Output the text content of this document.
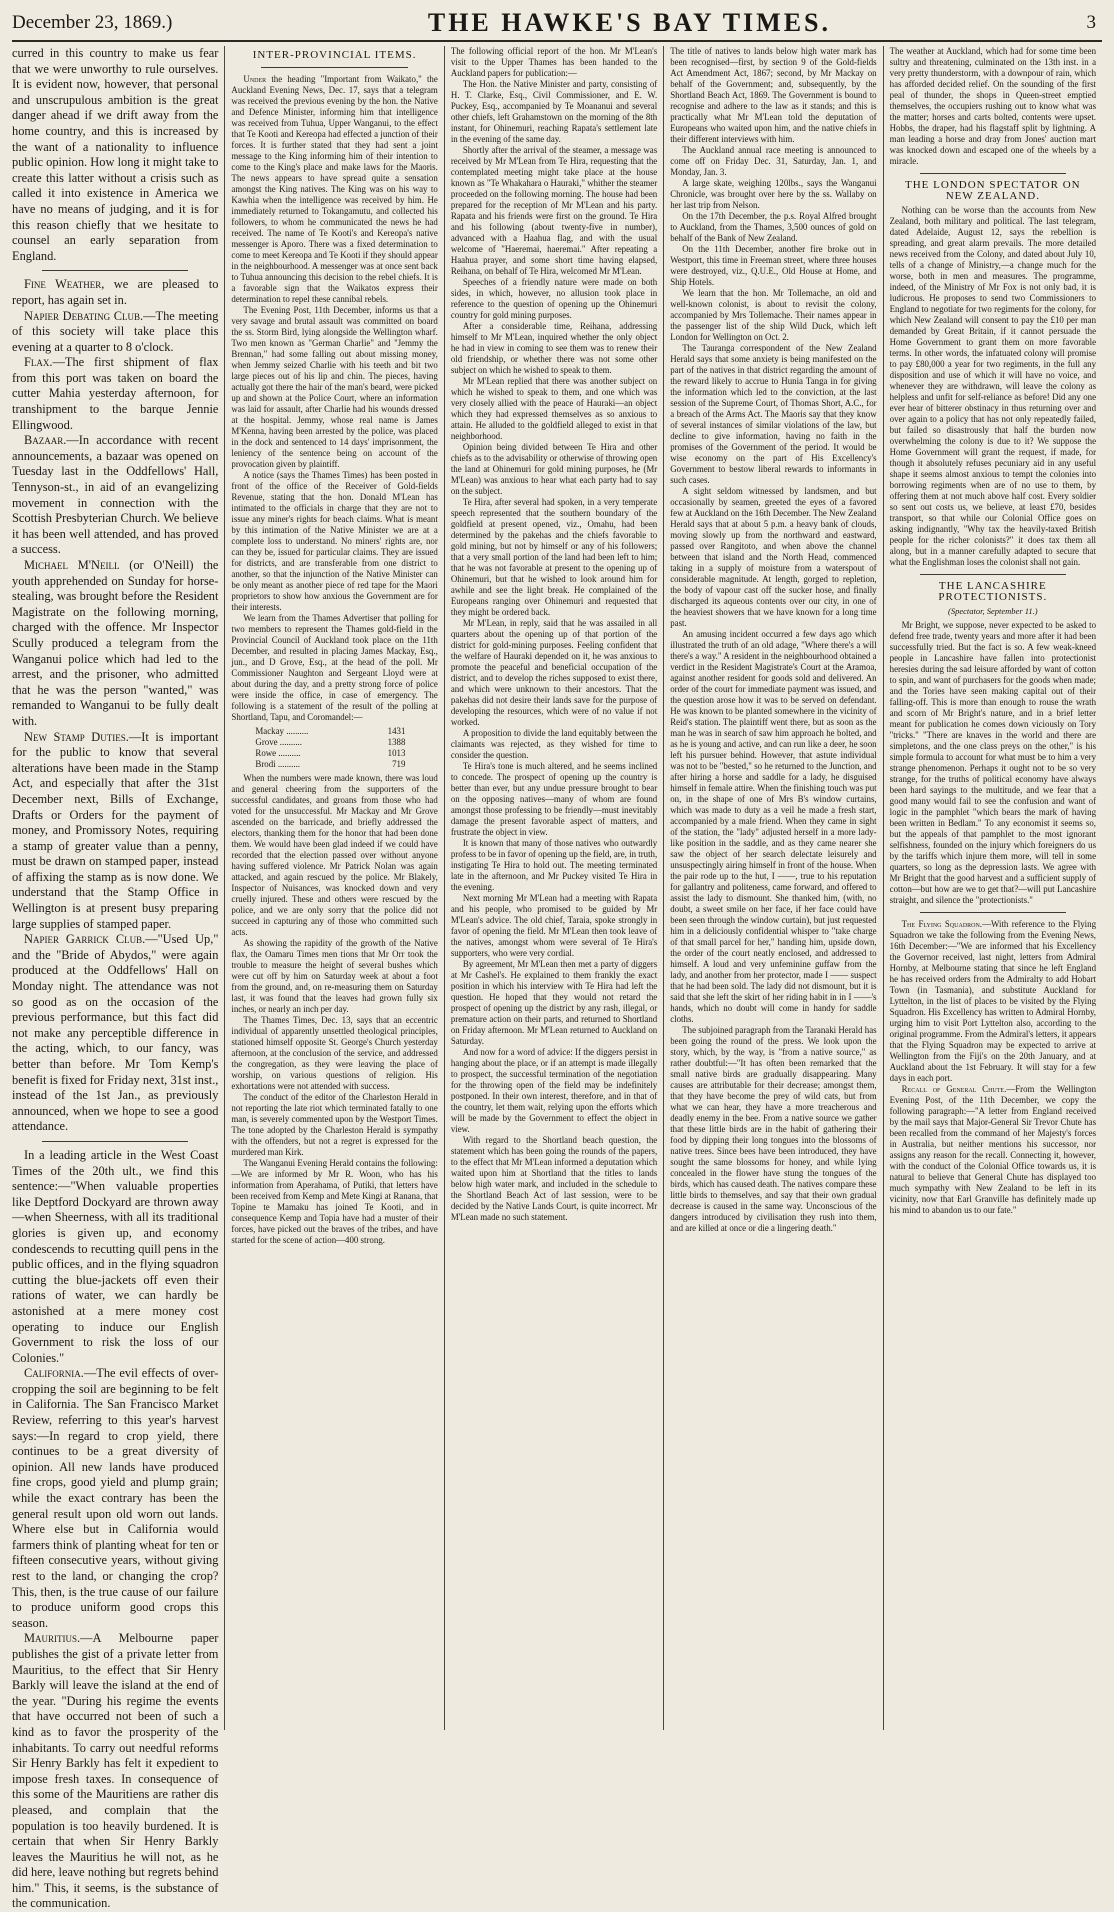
December 23, 1869.)	THE HAWKE'S BAY TIMES.	3

curred in this country to make us fear that we were unworthy to rule ourselves. It is evident now, however, that personal and unscrupulous ambition is the great danger ahead if we drift away from the home country, and this is increased by the want of a nationality to influence public opinion. How long it might take to create this latter without a crisis such as called it into existence in America we have no means of judging, and it is for this reason chiefly that we hesitate to counsel an early separation from England.

Fine Weather, we are pleased to report, has again set in.

Napier Debating Club.—The meeting of this society will take place this evening at a quarter to 8 o'clock.

Flax.—The first shipment of flax from this port was taken on board the cutter Mahia yesterday afternoon, for transhipment to the barque Jennie Ellingwood.

Bazaar.—In accordance with recent announcements, a bazaar was opened on Tuesday last in the Oddfellows' Hall, Tennyson-st., in aid of an evangelizing movement in connection with the Scottish Presbyterian Church. We believe it has been well attended, and has proved a success.

Michael M'Neill (or O'Neill) the youth apprehended on Sunday for horse-stealing, was brought before the Resident Magistrate on the following morning, charged with the offence. Mr Inspector Scully produced a telegram from the Wanganui police which had led to the arrest, and the prisoner, who admitted that he was the person "wanted," was remanded to Wanganui to be fully dealt with.

New Stamp Duties.—It is important for the public to know that several alterations have been made in the Stamp Act, and especially that after the 31st December next, Bills of Exchange, Drafts or Orders for the payment of money, and Promissory Notes, requiring a stamp of greater value than a penny, must be drawn on stamped paper, instead of affixing the stamp as is now done. We understand that the Stamp Office in Wellington is at present busy preparing large supplies of stamped paper.

Napier Garrick Club.—"Used Up," and the "Bride of Abydos," were again produced at the Oddfellows' Hall on Monday night. The attendance was not so good as on the occasion of the previous performance, but this fact did not make any perceptible difference in the acting, which, to our fancy, was better than before. Mr Tom Kemp's benefit is fixed for Friday next, 31st inst., instead of the 1st Jan., as previously announced, when we hope to see a good attendance.

In a leading article in the West Coast Times of the 20th ult., we find this sentence:—"When valuable properties like Deptford Dockyard are thrown away—when Sheerness, with all its traditional glories is given up, and economy condescends to recutting quill pens in the public offices, and in the flying squadron cutting the blue-jackets off even their rations of water, we can hardly be astonished at a mere money cost operating to induce our English Government to risk the loss of our Colonies."

California.—The evil effects of over-cropping the soil are beginning to be felt in California. The San Francisco Market Review, referring to this year's harvest says:—In regard to crop yield, there continues to be a great diversity of opinion. All new lands have produced fine crops, good yield and plump grain; while the exact contrary has been the general result upon old worn out lands. Where else but in California would farmers think of planting wheat for ten or fifteen consecutive years, without giving rest to the land, or changing the crop? This, then, is the true cause of our failure to produce uniform good crops this season.

Mauritius.—A Melbourne paper publishes the gist of a private letter from Mauritius, to the effect that Sir Henry Barkly will leave the island at the end of the year. "During his regime the events that have occurred not been of such a kind as to favor the prosperity of the inhabitants. To carry out needful reforms Sir Henry Barkly has felt it expedient to impose fresh taxes. In consequence of this some of the Mauritiens are rather dis pleased, and complain that the population is too heavily burdened. It is certain that when Sir Henry Barkly leaves the Mauritius he will not, as he did here, leave nothing but regrets behind him." This, it seems, is the substance of the communication.

INTER-PROVINCIAL ITEMS.

Under the heading "Important from Waikato," the Auckland Evening News, Dec. 17, says that a telegram was received the previous evening by the hon. the Native and Defence Minister, informing him that intelligence was received from Tuhua, Upper Wanganui, to the effect that Te Kooti and Kereopa had effected a junction of their forces. It is further stated that they had sent a joint message to the King informing him of their intention to come to the King's place and make laws for the Maoris. The news appears to have spread quite a sensation amongst the King natives. The King was on his way to Kawhia when the intelligence was received by him. He immediately returned to Tokangamutu, and collected his followers, to whom he communicated the news he had received. The name of Te Kooti's and Kereopa's native messenger is Aporo. There was a fixed determination to come to meet Kereopa and Te Kooti if they should appear in the neighbourhood. A messenger was at once sent back to Tuhua announcing this decision to the rebel chiefs. It is a favorable sign that the Waikatos express their determination to repel these cannibal rebels.

The Evening Post, 11th December, informs us that a very savage and brutal assault was committed on board the ss. Storm Bird, lying alongside the Wellington wharf. Two men known as "German Charlie" and "Jemmy the Brennan," had some falling out about missing money, when Jemmy seized Charlie with his teeth and bit two large pieces out of his lip and chin. The pieces, having actually got there the hair of the man's beard, were picked up and shown at the Police Court, where an information was laid for assault, after Charlie had his wounds dressed at the hospital. Jemmy, whose real name is James M'Kenna, having been arrested by the police, was placed in the dock and sentenced to 14 days' imprisonment, the leniency of the sentence being on account of the provocation given by plaintiff.

A notice (says the Thames Times) has been posted in front of the office of the Receiver of Gold-fields Revenue, stating that the hon. Donald M'Lean has intimated to the officials in charge that they are not to issue any miner's rights for beach claims. What is meant by this intimation of the Native Minister we are at a complete loss to understand. No miners' rights are, nor can they be, issued for particular claims. They are issued for districts, and are transferable from one district to another, so that the injunction of the Native Minister can be only meant as another piece of red tape for the Maori proprietors to show how anxious the Government are for their interests.

We learn from the Thames Advertiser that polling for two members to represent the Thames gold-field in the Provincial Council of Auckland took place on the 11th December, and resulted in placing James Mackay, Esq., jun., and D Grove, Esq., at the head of the poll. Mr Commissioner Naughton and Sergeant Lloyd were at about during the day, and a pretty strong force of police were inside the office, in case of emergency. The following is a statement of the result of the polling at Shortland, Tapu, and Coromandel:—

Mackay ..........	1431
Grove ..........	1388
Rowe ..........	1013
Brodi ..........	719

When the numbers were made known, there was loud and general cheering from the supporters of the successful candidates, and groans from those who had voted for the unsuccessful. Mr Mackay and Mr Grove ascended on the barricade, and briefly addressed the electors, thanking them for the honor that had been done them. We would have been glad indeed if we could have recorded that the election passed over without anyone having suffered violence. Mr Patrick Nolan was again attacked, and again rescued by the police. Mr Blakely, Inspector of Nuisances, was knocked down and very cruelly injured. These and others were rescued by the police, and we are only sorry that the police did not succeed in capturing any of those who committed such acts.

As showing the rapidity of the growth of the Native flax, the Oamaru Times men tions that Mr Orr took the trouble to measure the height of several bushes which were cut off by him on Saturday week at about a foot from the ground, and, on re-measuring them on Saturday last, it was found that the leaves had grown fully six inches, or nearly an inch per day.

The Thames Times, Dec. 13, says that an eccentric individual of apparently unsettled theological principles, stationed himself opposite St. George's Church yesterday afternoon, at the conclusion of the service, and addressed the congregation, as they were leaving the place of worship, on various questions of religion. His exhortations were not attended with success.

The conduct of the editor of the Charleston Herald in not reporting the late riot which terminated fatally to one man, is severely commented upon by the Westport Times. The tone adopted by the Charleston Herald is sympathy with the offenders, but not a regret is expressed for the murdered man Kirk.

The Wanganui Evening Herald contains the following:—We are informed by Mr R. Woon, who has his information from Aperahama, of Putiki, that letters have been received from Kemp and Mete Kingi at Ranana, that Topine te Mamaku has joined Te Kooti, and in consequence Kemp and Topia have had a muster of their forces, have picked out the braves of the tribes, and have started for the scene of action—400 strong.

The following official report of the hon. Mr M'Lean's visit to the Upper Thames has been handed to the Auckland papers for publication:—

The Hon. the Native Minister and party, consisting of H. T. Clarke, Esq., Civil Commissioner, and E. W. Puckey, Esq., accompanied by Te Moananui and several other chiefs, left Grahamstown on the morning of the 8th instant, for Ohinemuri, reaching Rapata's settlement late in the evening of the same day.

Shortly after the arrival of the steamer, a message was received by Mr M'Lean from Te Hira, requesting that the contemplated meeting might take place at the house known as "Te Whakahara o Hauraki," whither the steamer proceeded on the following morning. The house had been prepared for the reception of Mr M'Lean and his party. Rapata and his friends were first on the ground. Te Hira and his following (about twenty-five in number), advanced with a Haahua flag, and with the usual welcome of "Haeremai, haeremai." After repeating a Haahua prayer, and some short time having elapsed, Reihana, on behalf of Te Hira, welcomed Mr M'Lean.

Speeches of a friendly nature were made on both sides, in which, however, no allusion took place in reference to the question of opening up the Ohinemuri country for gold mining purposes.

After a considerable time, Reihana, addressing himself to Mr M'Lean, inquired whether the only object he had in view in coming to see them was to renew their old friendship, or whether there was not some other subject on which he wished to speak to them.

Mr M'Lean replied that there was another subject on which he wished to speak to them, and one which was very closely allied with the peace of Hauraki—an object which they had expressed themselves as so anxious to attain. He alluded to the goldfield alleged to exist in that neighborhood.

Opinion being divided between Te Hira and other chiefs as to the advisability or otherwise of throwing open the land at Ohinemuri for gold mining purposes, he (Mr M'Lean) was anxious to hear what each party had to say on the subject.

Te Hira, after several had spoken, in a very temperate speech represented that the southern boundary of the goldfield at present opened, viz., Omahu, had been determined by the pakehas and the chiefs favorable to gold mining, but not by himself or any of his followers; that a very small portion of the land had been left to him; that he was not favorable at present to the opening up of Ohinemuri, but that he wished to look around him for awhile and see the light break. He complained of the Europeans ranging over Ohinemuri and requested that they might be ordered back.

Mr M'Lean, in reply, said that he was assailed in all quarters about the opening up of that portion of the district for gold-mining purposes. Feeling confident that the welfare of Hauraki depended on it, he was anxious to promote the peaceful and beneficial occupation of the district, and to develop the riches supposed to exist there, and which were unknown to their ancestors. That the pakehas did not desire their lands save for the purpose of developing the resources, which were of no value if not worked.

A proposition to divide the land equitably between the claimants was rejected, as they wished for time to consider the question.

Te Hira's tone is much altered, and he seems inclined to concede. The prospect of opening up the country is better than ever, but any undue pressure brought to bear on the opposing natives—many of whom are found amongst those professing to be friendly—must inevitably damage the present favorable aspect of matters, and frustrate the object in view.

It is known that many of those natives who outwardly profess to be in favor of opening up the field, are, in truth, instigating Te Hira to hold out. The meeting terminated late in the afternoon, and Mr Puckey visited Te Hira in the evening.

Next morning Mr M'Lean had a meeting with Rapata and his people, who promised to be guided by Mr M'Lean's advice. The old chief, Taraia, spoke strongly in favor of opening the field. Mr M'Lean then took leave of the natives, amongst whom were several of Te Hira's supporters, who were very cordial.

By agreement, Mr M'Lean then met a party of diggers at Mr Cashel's. He explained to them frankly the exact position in which his interview with Te Hira had left the question. He hoped that they would not retard the prospect of opening up the district by any rash, illegal, or premature action on their parts, and returned to Shortland on Friday afternoon. Mr M'Lean returned to Auckland on Saturday.

And now for a word of advice: If the diggers persist in hanging about the place, or if an attempt is made illegally to prospect, the successful termination of the negotiation for the throwing open of the field may be indefinitely postponed. In their own interest, therefore, and in that of the country, let them wait, relying upon the efforts which will be made by the Government to effect the object in view.

With regard to the Shortland beach question, the statement which has been going the rounds of the papers, to the effect that Mr M'Lean informed a deputation which waited upon him at Shortland that the titles to lands below high water mark, and included in the schedule to the Shortland Beach Act of last session, were to be decided by the Native Lands Court, is quite incorrect. Mr M'Lean made no such statement.

The title of natives to lands below high water mark has been recognised—first, by section 9 of the Gold-fields Act Amendment Act, 1867; second, by Mr Mackay on behalf of the Government; and, subsequently, by the Shortland Beach Act, 1869. The Government is bound to recognise and adhere to the law as it stands; and this is practically what Mr M'Lean told the deputation of Europeans who waited upon him, and the native chiefs in their different interviews with him.

The Auckland annual race meeting is announced to come off on Friday Dec. 31, Saturday, Jan. 1, and Monday, Jan. 3.

A large skate, weighing 120lbs., says the Wanganui Chronicle, was brought over here by the ss. Wallaby on her last trip from Nelson.

On the 17th December, the p.s. Royal Alfred brought to Auckland, from the Thames, 3,500 ounces of gold on behalf of the Bank of New Zealand.

On the 11th December, another fire broke out in Westport, this time in Freeman street, where three houses were destroyed, viz., Q.U.E., Old House at Home, and Ship Hotels.

We learn that the hon. Mr Tollemache, an old and well-known colonist, is about to revisit the colony, accompanied by Mrs Tollemache. Their names appear in the passenger list of the ship Wild Duck, which left London for Wellington on Oct. 2.

The Tauranga correspondent of the New Zealand Herald says that some anxiety is being manifested on the part of the natives in that district regarding the amount of the reward likely to accrue to Hunia Tanga in for giving the information which led to the conviction, at the last session of the Supreme Court, of Thomas Short, A.C., for a breach of the Arms Act. The Maoris say that they know of several instances of similar violations of the law, but decline to give information, having no faith in the promises of the Government of the period. It would be wise economy on the part of His Excellency's Government to bestow liberal rewards to informants in such cases.

A sight seldom witnessed by landsmen, and but occasionally by seamen, greeted the eyes of a favored few at Auckland on the 16th December. The New Zealand Herald says that at about 5 p.m. a heavy bank of clouds, moving slowly up from the northward and eastward, passed over Rangitoto, and when above the channel between that island and the North Head, commenced taking in a supply of moisture from a waterspout of considerable magnitude. At length, gorged to repletion, the body of vapour cast off the sucker hose, and finally discharged its aqueous contents over our city, in one of the heaviest showers that we have known for a long time past.

An amusing incident occurred a few days ago which illustrated the truth of an old adage, "Where there's a will there's a way." A resident in the neighbourhood obtained a verdict in the Resident Magistrate's Court at the Aramoa, against another resident for goods sold and delivered. An order of the court for immediate payment was issued, and the question arose how it was to be served on defendant. He was known to be planted somewhere in the vicinity of Reid's station. The plaintiff went there, but as soon as the man he was in search of saw him approach he bolted, and as he is young and active, and can run like a deer, he soon left his pursuer behind. However, that astute individual was not to be "bested," so he returned to the Junction, and after hiring a horse and saddle for a lady, he disguised himself in female attire. When the finishing touch was put on, in the shape of one of Mrs B's window curtains, which was made to duty as a veil he made a fresh start, accompanied by a male friend. When they came in sight of the station, the "lady" adjusted herself in a more lady-like position in the saddle, and as they came nearer she saw the object of her search delectate leisurely and unsuspectingly airing himself in front of the house. When the pair rode up to the hut, I ——, true to his reputation for gallantry and politeness, came forward, and offered to assist the lady to dismount. She thanked him, (with, no doubt, a sweet smile on her face, if her face could have been seen through the window curtain), but just requested him in a deliciously confidential whisper to "take charge of that small parcel for her," handing him, upside down, the order of the court neatly enclosed, and addressed to himself. A loud and very unfeminine guffaw from the lady, and another from her protector, made I —— suspect that he had been sold. The lady did not dismount, but it is said that she left the skirt of her riding habit in in I ——'s hands, which no doubt will come in handy for saddle cloths.

The subjoined paragraph from the Taranaki Herald has been going the round of the press. We look upon the story, which, by the way, is "from a native source," as rather doubtful:—"It has often been remarked that the small native birds are gradually disappearing. Many causes are attributable for their decrease; amongst them, that they have become the prey of wild cats, but from what we can hear, they have a more treacherous and deadly enemy in the bee. From a native source we gather that these little birds are in the habit of gathering their food by dipping their long tongues into the blossoms of native trees. Since bees have been introduced, they have sought the same blossoms for honey, and while lying concealed in the flower have stung the tongues of the birds, which has caused death. The natives compare these little birds to themselves, and say that their own gradual decrease is caused in the same way. Unconscious of the dangers introduced by civilisation they rush into them, and are killed at once or die a lingering death."

The weather at Auckland, which had for some time been sultry and threatening, culminated on the 13th inst. in a very pretty thunderstorm, with a downpour of rain, which has afforded decided relief. On the sounding of the first peal of thunder, the shops in Queen-street emptied themselves, the occupiers rushing out to know what was the matter; horses and carts bolted, contents were upset. Hobbs, the draper, had his flagstaff split by lightning. A man leading a horse and dray from Jones' auction mart was knocked down and escaped one of the wheels by a miracle.

THE LONDON SPECTATOR ON NEW ZEALAND.

Nothing can be worse than the accounts from New Zealand, both military and political. The last telegram, dated Adelaide, August 12, says the rebellion is spreading, and great alarm prevails. The more detailed news received from the Colony, and dated about July 10, tells of a change of Ministry,—a change much for the worse, both in men and measures. The programme, indeed, of the Ministry of Mr Fox is not only bad, it is ludicrous. He proposes to send two Commissioners to England to negotiate for two regiments for the colony, for which New Zealand will consent to pay the £10 per man demanded by Great Britain, if it cannot persuade the Home Government to grant them on more favorable terms. In other words, the infatuated colony will promise to pay £80,000 a year for two regiments, in the full any disposition and use of which it will have no voice, and whenever they are withdrawn, will leave the colony as helpless and unfit for self-reliance as before! Did any one ever hear of bitterer obstinacy in thus returning over and over again to a policy that has not only repeatedly failed, but failed so disastrously that half the burden now overwhelming the colony is due to it? We suppose the Home Government will grant the request, if made, for though it absolutely refuses pecuniary aid in any useful shape it seems almost anxious to tempt the colonies into borrowing regiments when are of no use to them, by offering them at not much above half cost. Every soldier so sent out costs us, we believe, at least £70, besides transport, so that while our Colonial Office goes on asking indignantly, "Why tax the heavily-taxed British people for the richer colonists?" it does tax them all along, but in a manner carefully adapted to secure that what the Englishman loses the colonist shall not gain.

THE LANCASHIRE PROTECTIONISTS.
(Spectator, September 11.)

Mr Bright, we suppose, never expected to be asked to defend free trade, twenty years and more after it had been successfully tried. But the fact is so. A few weak-kneed people in Lancashire have fallen into protectionist heresies during the sad leisure afforded by want of cotton to spin, and want of purchasers for the goods when made; and the Tories have seen making capital out of their falling-off. This is more than enough to rouse the wrath and scorn of Mr Bright's nature, and in a brief letter meant for publication he comes down viciously on Tory "tricks." "There are knaves in the world and there are simpletons, and the one class preys on the other," is his simple formula to account for what must be to him a very strange phenomenon. Perhaps it ought not to be so very strange, for the truths of political economy have always been hard sayings to the multitude, and we fear that a good many would fail to see the confusion and want of logic in the pamphlet "which bears the mark of having been written in Bedlam." To any economist it seems so, but the appeals of that pamphlet to the most ignorant selfishness, founded on the injury which foreigners do us by the tariffs which injure them more, will tell in some quarters, so long as the depression lasts. We agree with Mr Bright that the good harvest and a sufficient supply of cotton—but how are we to get that?—will put Lancashire straight, and silence the "protectionists."

The Flying Squadron.—With reference to the Flying Squadron we take the following from the Evening News, 16th December:—"We are informed that his Excellency the Governor received, last night, letters from Admiral Hornby, at Melbourne stating that since he left England he has received orders from the Admiralty to add Hobart Town (in Tasmania), and substitute Auckland for Lyttelton, in the list of places to be visited by the Flying Squadron. His Excellency has written to Admiral Hornby, urging him to visit Port Lyttelton also, according to the original programme. From the Admiral's letters, it appears that the Flying Squadron may be expected to arrive at Wellington from the Fiji's on the 20th January, and at Auckland about the 1st February. It will stay for a few days in each port.

Recall of General Chute.—From the Wellington Evening Post, of the 11th December, we copy the following paragraph:—"A letter from England received by the mail says that Major-General Sir Trevor Chute has been recalled from the command of her Majesty's forces in Australia, but neither mentions his successor, nor assigns any reason for the recall. Connecting it, however, with the conduct of the Colonial Office towards us, it is natural to believe that General Chute has displayed too much sympathy with New Zealand to be left in its vicinity, now that Earl Granville has definitely made up his mind to abandon us to our fate."
